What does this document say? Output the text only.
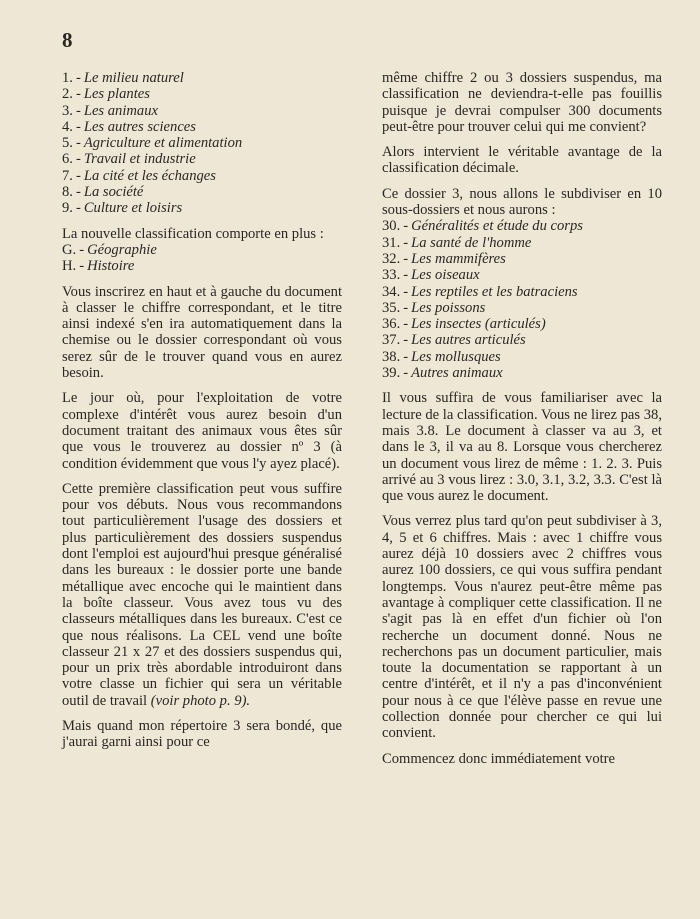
8
1. - Le milieu naturel
2. - Les plantes
3. - Les animaux
4. - Les autres sciences
5. - Agriculture et alimentation
6. - Travail et industrie
7. - La cité et les échanges
8. - La société
9. - Culture et loisirs

La nouvelle classification comporte en plus :

G. - Géographie
H. - Histoire

Vous inscrirez en haut et à gauche du document à classer le chiffre correspondant, et le titre ainsi indexé s'en ira automatiquement dans la chemise ou le dossier correspondant où vous serez sûr de le trouver quand vous en aurez besoin.

Le jour où, pour l'exploitation de votre complexe d'intérêt vous aurez besoin d'un document traitant des animaux vous êtes sûr que vous le trouverez au dossier nº 3 (à condition évidemment que vous l'y ayez placé).

Cette première classification peut vous suffire pour vos débuts. Nous vous recommandons tout particulièrement l'usage des dossiers et plus particulièrement des dossiers suspendus dont l'emploi est aujourd'hui presque généralisé dans les bureaux : le dossier porte une bande métallique avec encoche qui le maintient dans la boîte classeur. Vous avez tous vu des classeurs métalliques dans les bureaux. C'est ce que nous réalisons. La CEL vend une boîte classeur 21 x 27 et des dossiers suspendus qui, pour un prix très abordable introduiront dans votre classe un fichier qui sera un véritable outil de travail (voir photo p. 9).

Mais quand mon répertoire 3 sera bondé, que j'aurai garni ainsi pour ce

même chiffre 2 ou 3 dossiers suspendus, ma classification ne deviendra-t-elle pas fouillis puisque je devrai compulser 300 documents peut-être pour trouver celui qui me convient?

Alors intervient le véritable avantage de la classification décimale.

Ce dossier 3, nous allons le subdiviser en 10 sous-dossiers et nous aurons :

30. - Généralités et étude du corps
31. - La santé de l'homme
32. - Les mammifères
33. - Les oiseaux
34. - Les reptiles et les batraciens
35. - Les poissons
36. - Les insectes (articulés)
37. - Les autres articulés
38. - Les mollusques
39. - Autres animaux

Il vous suffira de vous familiariser avec la lecture de la classification. Vous ne lirez pas 38, mais 3.8. Le document à classer va au 3, et dans le 3, il va au 8. Lorsque vous chercherez un document vous lirez de même : 1. 2. 3. Puis arrivé au 3 vous lirez : 3.0, 3.1, 3.2, 3.3. C'est là que vous aurez le document.

Vous verrez plus tard qu'on peut subdiviser à 3, 4, 5 et 6 chiffres. Mais : avec 1 chiffre vous aurez déjà 10 dossiers avec 2 chiffres vous aurez 100 dossiers, ce qui vous suffira pendant longtemps. Vous n'aurez peut-être même pas avantage à compliquer cette classification. Il ne s'agit pas là en effet d'un fichier où l'on recherche un document donné. Nous ne recherchons pas un document particulier, mais toute la documentation se rapportant à un centre d'intérêt, et il n'y a pas d'inconvénient pour nous à ce que l'élève passe en revue une collection donnée pour chercher ce qui lui convient.

Commencez donc immédiatement votre
